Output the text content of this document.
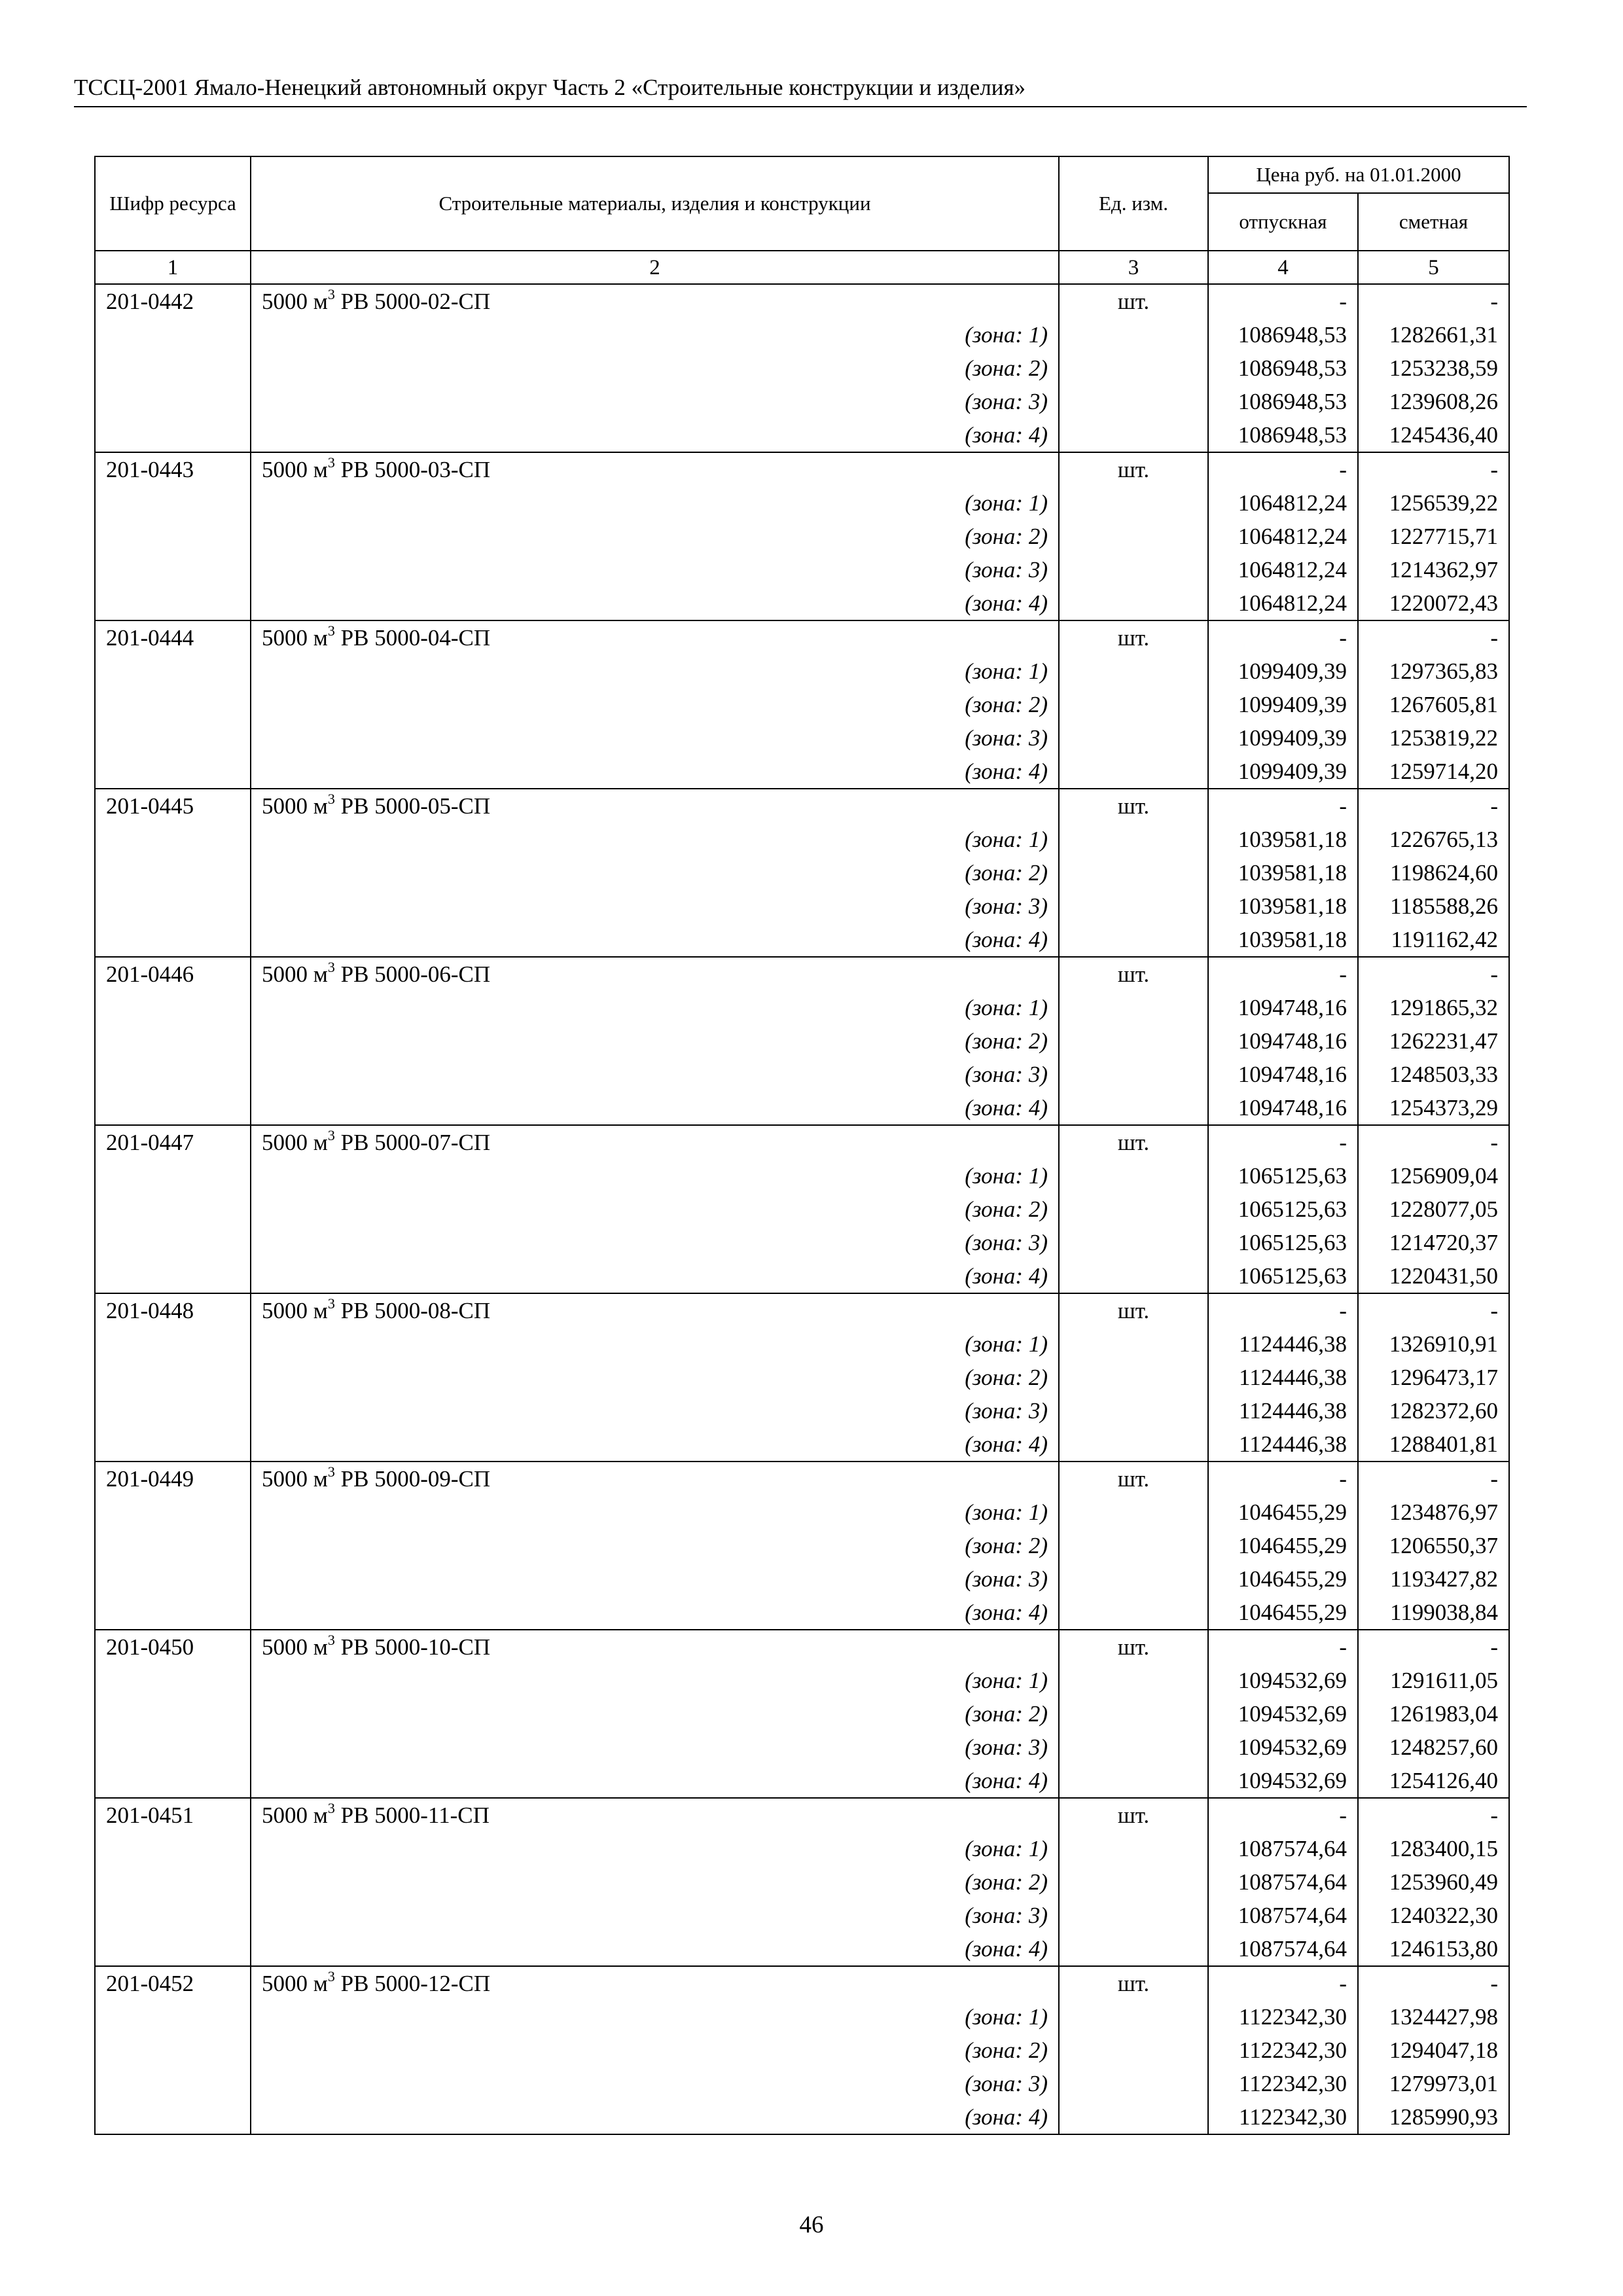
ТССЦ-2001 Ямало-Ненецкий автономный округ Часть 2 «Строительные конструкции и изделия»
Шифр ресурса	Строительные материалы, изделия и конструкции	Ед. изм.	Цена руб. на 01.01.2000	
			отпускная	сметная
1	2	3	4	5
201-0442	5000 $м^3$ РВ 5000-02-СП	шт.	-	-
	(зона: 1)		1086948,53	1282661,31
	(зона: 2)		1086948,53	1253238,59
	(зона: 3)		1086948,53	1239608,26
	(зона: 4)		1086948,53	1245436,40
201-0443	5000 $м^3$ РВ 5000-03-СП	шт.	-	-
	(зона: 1)		1064812,24	1256539,22
	(зона: 2)		1064812,24	1227715,71
	(зона: 3)		1064812,24	1214362,97
	(зона: 4)		1064812,24	1220072,43
201-0444	5000 $м^3$ РВ 5000-04-СП	шт.	-	-
	(зона: 1)		1099409,39	1297365,83
	(зона: 2)		1099409,39	1267605,81
	(зона: 3)		1099409,39	1253819,22
	(зона: 4)		1099409,39	1259714,20
201-0445	5000 $м^3$ РВ 5000-05-СП	шт.	-	-
	(зона: 1)		1039581,18	1226765,13
	(зона: 2)		1039581,18	1198624,60
	(зона: 3)		1039581,18	1185588,26
	(зона: 4)		1039581,18	1191162,42
201-0446	5000 $м^3$ РВ 5000-06-СП	шт.	-	-
	(зона: 1)		1094748,16	1291865,32
	(зона: 2)		1094748,16	1262231,47
	(зона: 3)		1094748,16	1248503,33
	(зона: 4)		1094748,16	1254373,29
201-0447	5000 $м^3$ РВ 5000-07-СП	шт.	-	-
	(зона: 1)		1065125,63	1256909,04
	(зона: 2)		1065125,63	1228077,05
	(зона: 3)		1065125,63	1214720,37
	(зона: 4)		1065125,63	1220431,50
201-0448	5000 $м^3$ РВ 5000-08-СП	шт.	-	-
	(зона: 1)		1124446,38	1326910,91
	(зона: 2)		1124446,38	1296473,17
	(зона: 3)		1124446,38	1282372,60
	(зона: 4)		1124446,38	1288401,81
201-0449	5000 $м^3$ РВ 5000-09-СП	шт.	-	-
	(зона: 1)		1046455,29	1234876,97
	(зона: 2)		1046455,29	1206550,37
	(зона: 3)		1046455,29	1193427,82
	(зона: 4)		1046455,29	1199038,84
201-0450	5000 $м^3$ РВ 5000-10-СП	шт.	-	-
	(зона: 1)		1094532,69	1291611,05
	(зона: 2)		1094532,69	1261983,04
	(зона: 3)		1094532,69	1248257,60
	(зона: 4)		1094532,69	1254126,40
201-0451	5000 $м^3$ РВ 5000-11-СП	шт.	-	-
	(зона: 1)		1087574,64	1283400,15
	(зона: 2)		1087574,64	1253960,49
	(зона: 3)		1087574,64	1240322,30
	(зона: 4)		1087574,64	1246153,80
201-0452	5000 $м^3$ РВ 5000-12-СП	шт.	-	-
	(зона: 1)		1122342,30	1324427,98
	(зона: 2)		1122342,30	1294047,18
	(зона: 3)		1122342,30	1279973,01
	(зона: 4)		1122342,30	1285990,93
46
